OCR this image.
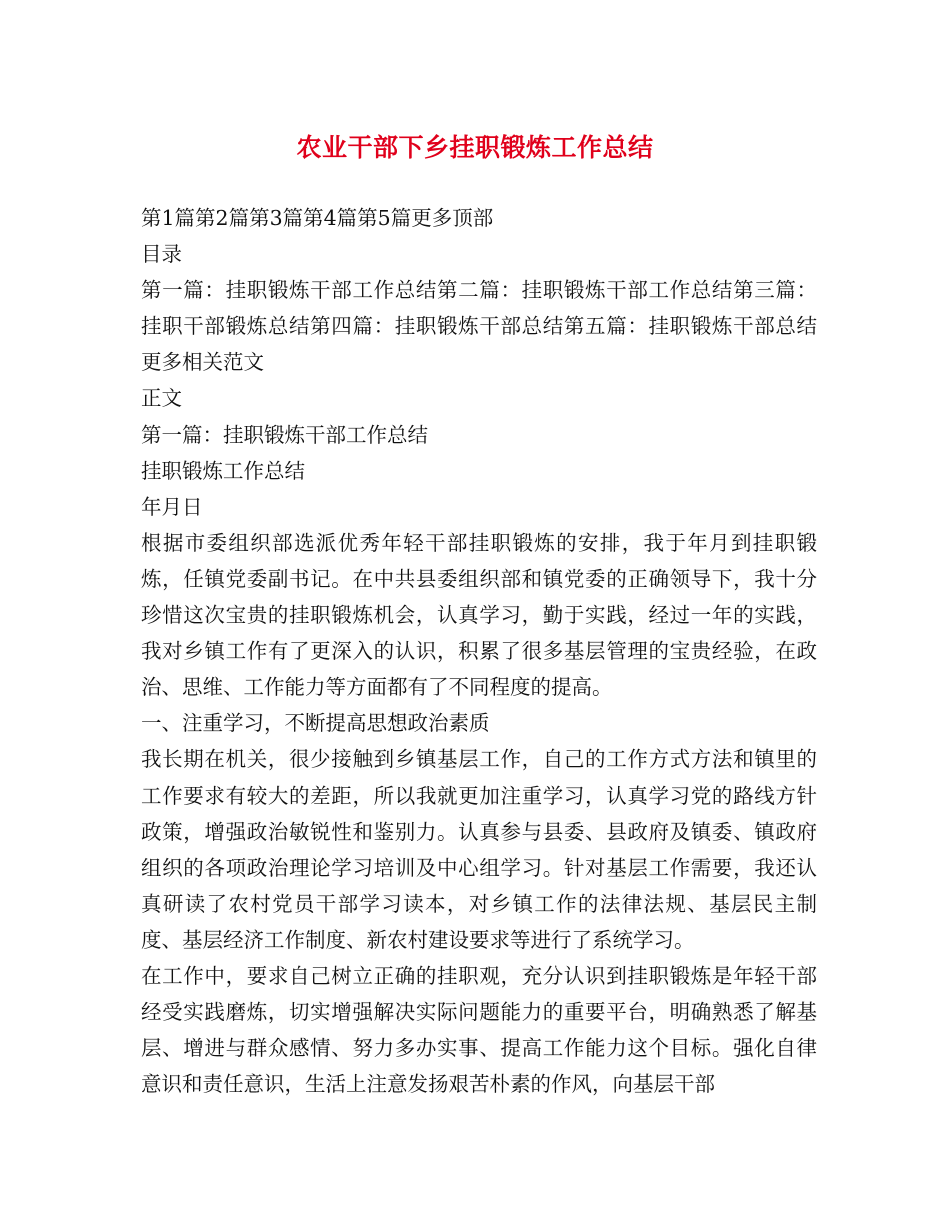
农业干部下乡挂职锻炼工作总结

第1篇第2篇第3篇第4篇第5篇更多顶部

目录

第一篇：挂职锻炼干部工作总结第二篇：挂职锻炼干部工作总结第三篇：挂职干部锻炼总结第四篇：挂职锻炼干部总结第五篇：挂职锻炼干部总结更多相关范文

正文

第一篇：挂职锻炼干部工作总结

挂职锻炼工作总结

年月日

根据市委组织部选派优秀年轻干部挂职锻炼的安排，我于年月到挂职锻炼，任镇党委副书记。在中共县委组织部和镇党委的正确领导下，我十分珍惜这次宝贵的挂职锻炼机会，认真学习，勤于实践，经过一年的实践，我对乡镇工作有了更深入的认识，积累了很多基层管理的宝贵经验，在政治、思维、工作能力等方面都有了不同程度的提高。

一、注重学习，不断提高思想政治素质

我长期在机关，很少接触到乡镇基层工作，自己的工作方式方法和镇里的工作要求有较大的差距，所以我就更加注重学习，认真学习党的路线方针政策，增强政治敏锐性和鉴别力。认真参与县委、县政府及镇委、镇政府组织的各项政治理论学习培训及中心组学习。针对基层工作需要，我还认真研读了农村党员干部学习读本，对乡镇工作的法律法规、基层民主制度、基层经济工作制度、新农村建设要求等进行了系统学习。

在工作中，要求自己树立正确的挂职观，充分认识到挂职锻炼是年轻干部经受实践磨炼，切实增强解决实际问题能力的重要平台，明确熟悉了解基层、增进与群众感情、努力多办实事、提高工作能力这个目标。强化自律意识和责任意识，生活上注意发扬艰苦朴素的作风，向基层干部
